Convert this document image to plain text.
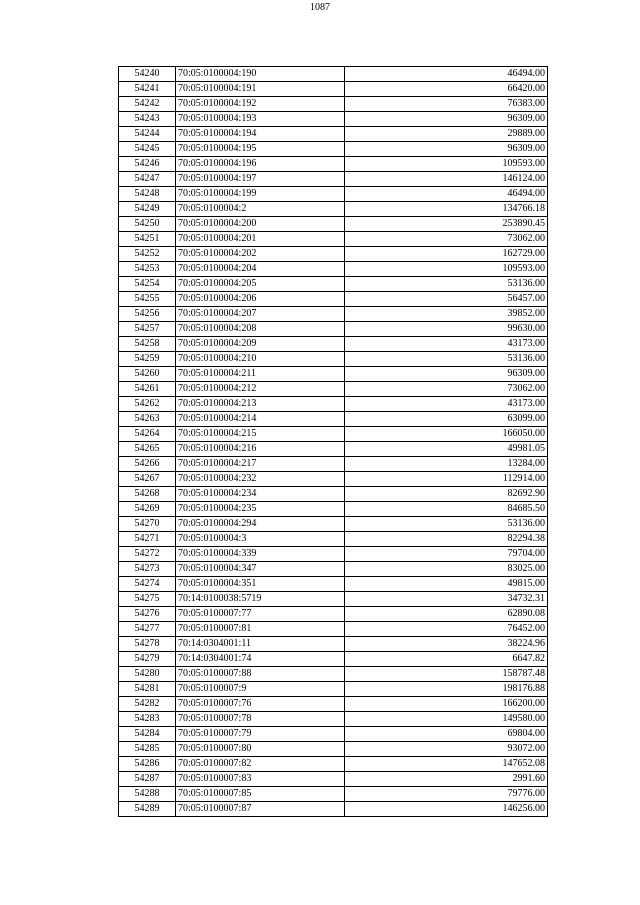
1087
54240	70:05:0100004:190	46494.00
54241	70:05:0100004:191	66420.00
54242	70:05:0100004:192	76383.00
54243	70:05:0100004:193	96309.00
54244	70:05:0100004:194	29889.00
54245	70:05:0100004:195	96309.00
54246	70:05:0100004:196	109593.00
54247	70:05:0100004:197	146124.00
54248	70:05:0100004:199	46494.00
54249	70:05:0100004:2	134766.18
54250	70:05:0100004:200	253890.45
54251	70:05:0100004:201	73062.00
54252	70:05:0100004:202	162729.00
54253	70:05:0100004:204	109593.00
54254	70:05:0100004:205	53136.00
54255	70:05:0100004:206	56457.00
54256	70:05:0100004:207	39852.00
54257	70:05:0100004:208	99630.00
54258	70:05:0100004:209	43173.00
54259	70:05:0100004:210	53136.00
54260	70:05:0100004:211	96309.00
54261	70:05:0100004:212	73062.00
54262	70:05:0100004:213	43173.00
54263	70:05:0100004:214	63099.00
54264	70:05:0100004:215	166050.00
54265	70:05:0100004:216	49981.05
54266	70:05:0100004:217	13284.00
54267	70:05:0100004:232	112914.00
54268	70:05:0100004:234	82692.90
54269	70:05:0100004:235	84685.50
54270	70:05:0100004:294	53136.00
54271	70:05:0100004:3	82294.38
54272	70:05:0100004:339	79704.00
54273	70:05:0100004:347	83025.00
54274	70:05:0100004:351	49815.00
54275	70:14:0100038:5719	34732.31
54276	70:05:0100007:77	62890.08
54277	70:05:0100007:81	76452.00
54278	70:14:0304001:11	38224.96
54279	70:14:0304001:74	6647.82
54280	70:05:0100007:88	158787.48
54281	70:05:0100007:9	198176.88
54282	70:05:0100007:76	166200.00
54283	70:05:0100007:78	149580.00
54284	70:05:0100007:79	69804.00
54285	70:05:0100007:80	93072.00
54286	70:05:0100007:82	147652.08
54287	70:05:0100007:83	2991.60
54288	70:05:0100007:85	79776.00
54289	70:05:0100007:87	146256.00
